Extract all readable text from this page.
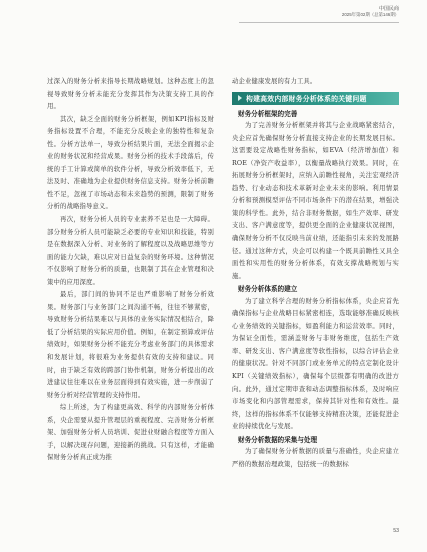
中国民商
2025年第02期（总第146期）

过深入的财务分析来指导长期战略规划。这种态度上的忽视导致财务分析未能充分发挥其作为决策支持工具的作用。

其次，缺乏全面的财务分析框架，例如KPI指标及财务指标设置不合理，不能充分反映企业的独特性和复杂性。分析方法单一，导致分析结果片面，无法全面揭示企业的财务状况和经营成果。财务分析的技术手段落后，传统的手工计算或简单的软件分析，导致分析效率低下，无法及时、准确地为企业提供财务信息支持。财务分析前瞻性不足，忽视了市场动态和未来趋势的预测，限制了财务分析的战略指导意义。

再次，财务分析人员的专业素养不足也是一大障碍。部分财务分析人员可能缺乏必要的专业知识和技能，特别是在数据深入分析、对业务的了解程度以及战略思维等方面的能力欠缺，难以应对日益复杂的财务环境。这种情况不仅影响了财务分析的质量，也限制了其在企业管理和决策中的应用深度。

最后，部门间的协同不足也严重影响了财务分析效果。财务部门与业务部门之间沟通不畅，往往不够紧密，导致财务分析结果难以与具体的业务实际情况相结合，降低了分析结果的实际应用价值。例如，在制定预算或评估绩效时，如果财务分析不能充分考虑业务部门的具体需求和发展计划，将很难为业务提供有效的支持和建议。同时，由于缺乏有效的跨部门协作机制，财务分析提出的改进建议往往难以在业务层面得到有效实施，进一步削弱了财务分析对经营管理的支持作用。

综上所述，为了构建更高效、科学的内部财务分析体系，央企需要从提升管理层的重视程度、完善财务分析框架、加强财务分析人员培训、促进业财融合程度等方面入手，以解决现存问题，迎接新的挑战。只有这样，才能确保财务分析真正成为推

动企业健康发展的有力工具。

构建高效内部财务分析体系的关键问题

财务分析框架的完善

为了完善财务分析框架并将其与企业战略紧密结合，央企应首先确保财务分析直接支持企业的长期发展目标。这需要设定战略性财务指标，如EVA（经济增加值）和ROE（净资产收益率），以衡量战略执行效果。同时，在拓展财务分析框架时，应纳入前瞻性视角，关注宏观经济趋势、行业动态和技术革新对企业未来的影响。利用情景分析和预测模型评估不同市场条件下的潜在结果，增强决策的科学性。此外，结合非财务数据，如生产效率、研发支出、客户满意度等，提供更全面的企业健康状况视图，确保财务分析不仅反映当前业绩，还能指引未来的发展路径。通过这种方式，央企可以构建一个既具前瞻性又具全面性和实用性的财务分析体系，有效支撑战略规划与实施。

财务分析体系的建立

为了建立科学合理的财务分析指标体系，央企应首先确保指标与企业战略目标紧密相连，选取能够准确反映核心业务绩效的关键指标，如盈利能力和运营效率。同时，为保证全面性，需涵盖财务与非财务维度，包括生产效率、研发支出、客户满意度等软性指标，以综合评估企业的健康状况。针对不同部门或业务单元的特点定制化设计KPI（关键绩效指标），确保每个层级都有明确的改进方向。此外，通过定期审查和动态调整指标体系，及时响应市场变化和内部管理需求，保持其针对性和有效性。最终，这样的指标体系不仅能够支持精准决策，还能促进企业的持续优化与发展。

财务分析数据的采集与处理

为了确保财务分析数据的质量与准确性，央企应建立严格的数据治理政策，包括统一的数据标

53
